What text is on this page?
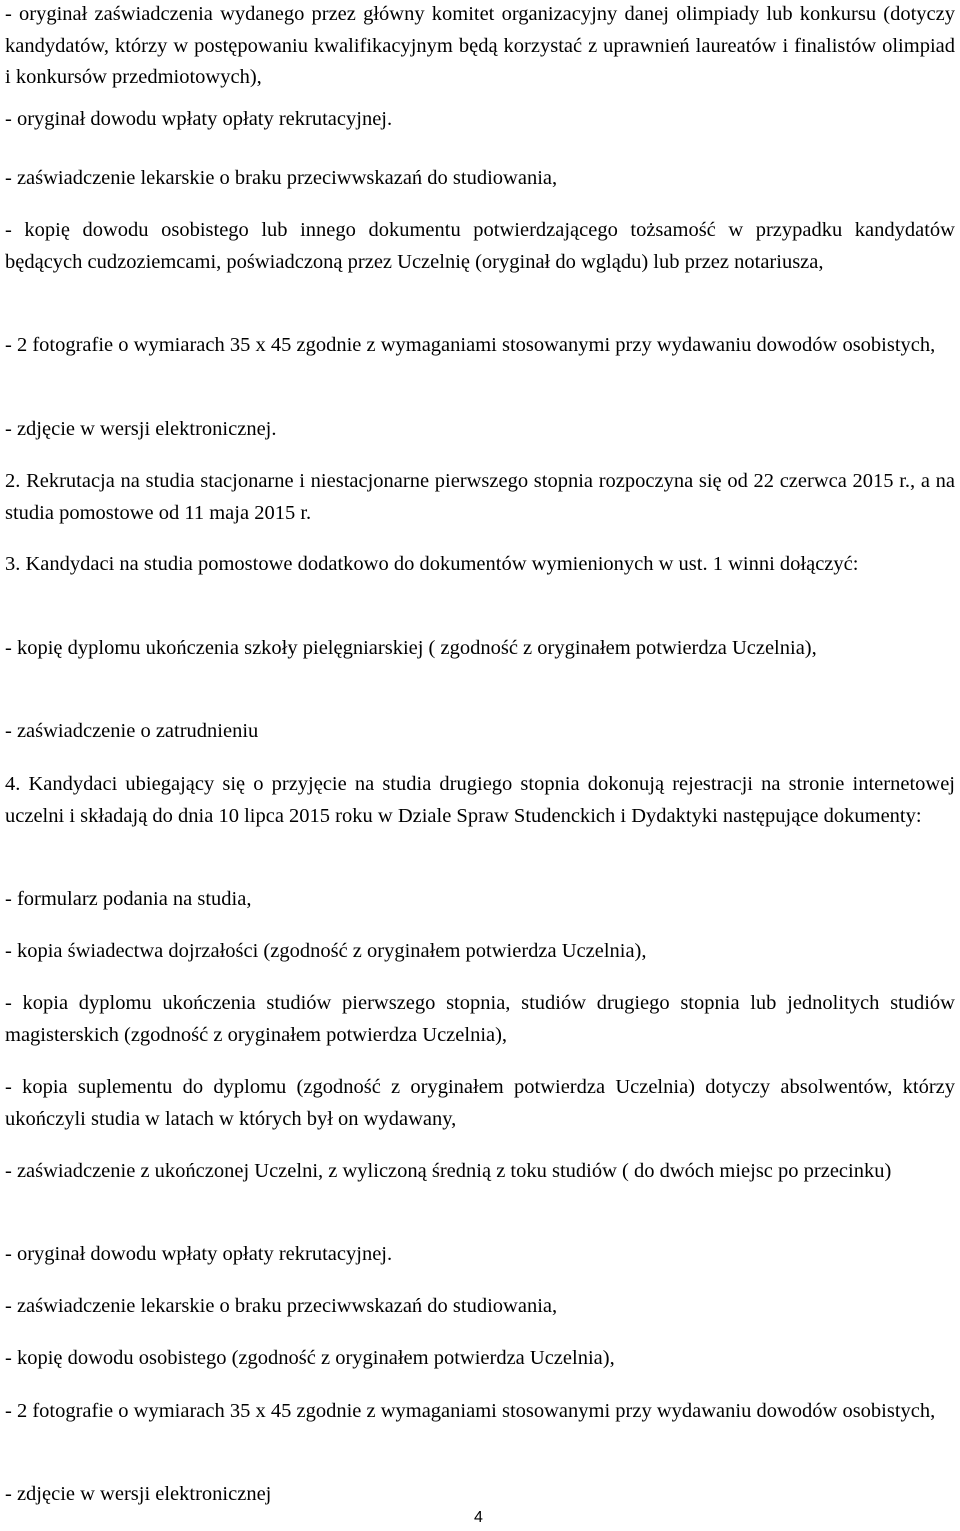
- oryginał zaświadczenia wydanego przez główny komitet organizacyjny danej olimpiady lub konkursu (dotyczy kandydatów, którzy w postępowaniu kwalifikacyjnym będą korzystać z uprawnień laureatów i finalistów olimpiad i konkursów przedmiotowych),

- oryginał dowodu wpłaty opłaty rekrutacyjnej.

- zaświadczenie lekarskie o braku przeciwwskazań do studiowania,

- kopię dowodu osobistego lub innego dokumentu potwierdzającego tożsamość w przypadku kandydatów będących cudzoziemcami, poświadczoną przez Uczelnię (oryginał do wglądu) lub przez notariusza,

- 2 fotografie o wymiarach 35 x 45 zgodnie z wymaganiami stosowanymi przy wydawaniu dowodów osobistych,

- zdjęcie w wersji elektronicznej.

2. Rekrutacja na studia stacjonarne i niestacjonarne pierwszego stopnia rozpoczyna się od 22 czerwca 2015 r., a na studia pomostowe od 11 maja 2015 r.

3. Kandydaci na studia pomostowe dodatkowo do dokumentów wymienionych w ust. 1 winni dołączyć:

- kopię dyplomu ukończenia szkoły pielęgniarskiej ( zgodność z oryginałem potwierdza Uczelnia),

- zaświadczenie o zatrudnieniu

4. Kandydaci ubiegający się o przyjęcie na studia drugiego stopnia dokonują rejestracji na stronie internetowej uczelni i składają do dnia 10 lipca 2015 roku w Dziale Spraw Studenckich i Dydaktyki następujące dokumenty:

- formularz podania na studia,

- kopia świadectwa dojrzałości (zgodność z oryginałem potwierdza Uczelnia),

- kopia dyplomu ukończenia studiów pierwszego stopnia, studiów drugiego stopnia lub jednolitych studiów magisterskich (zgodność z oryginałem potwierdza Uczelnia),

- kopia suplementu do dyplomu (zgodność z oryginałem potwierdza Uczelnia) dotyczy absolwentów, którzy ukończyli studia w latach w których był on wydawany,

- zaświadczenie z ukończonej Uczelni, z wyliczoną średnią z toku studiów ( do dwóch miejsc po przecinku)

- oryginał dowodu wpłaty opłaty rekrutacyjnej.

- zaświadczenie lekarskie o braku przeciwwskazań do studiowania,

- kopię dowodu osobistego (zgodność z oryginałem potwierdza Uczelnia),

- 2 fotografie o wymiarach 35 x 45 zgodnie z wymaganiami stosowanymi przy wydawaniu dowodów osobistych,

- zdjęcie w wersji elektronicznej

4
